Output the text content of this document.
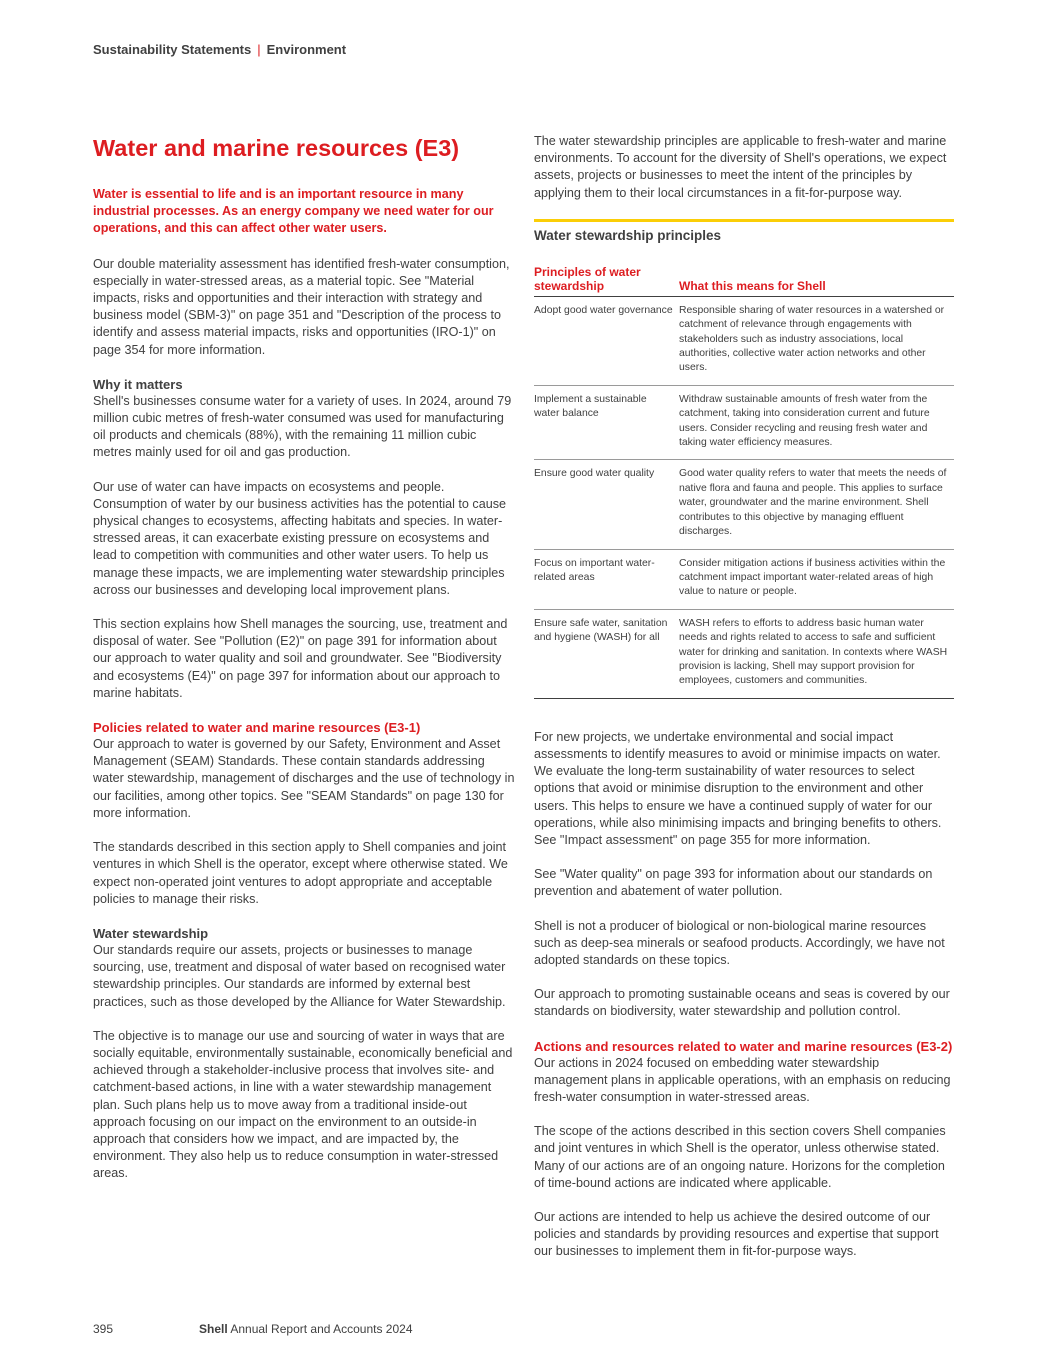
Sustainability Statements | Environment
Water and marine resources (E3)

Water is essential to life and is an important resource in many industrial processes. As an energy company we need water for our operations, and this can affect other water users.

Our double materiality assessment has identified fresh-water consumption, especially in water-stressed areas, as a material topic. See "Material impacts, risks and opportunities and their interaction with strategy and business model (SBM-3)" on page 351 and "Description of the process to identify and assess material impacts, risks and opportunities (IRO-1)" on page 354 for more information.

Why it matters

Shell's businesses consume water for a variety of uses. In 2024, around 79 million cubic metres of fresh-water consumed was used for manufacturing oil products and chemicals (88%), with the remaining 11 million cubic metres mainly used for oil and gas production.

Our use of water can have impacts on ecosystems and people. Consumption of water by our business activities has the potential to cause physical changes to ecosystems, affecting habitats and species. In water-stressed areas, it can exacerbate existing pressure on ecosystems and lead to competition with communities and other water users. To help us manage these impacts, we are implementing water stewardship principles across our businesses and developing local improvement plans.

This section explains how Shell manages the sourcing, use, treatment and disposal of water. See "Pollution (E2)" on page 391 for information about our approach to water quality and soil and groundwater. See "Biodiversity and ecosystems (E4)" on page 397 for information about our approach to marine habitats.

Policies related to water and marine resources (E3-1)

Our approach to water is governed by our Safety, Environment and Asset Management (SEAM) Standards. These contain standards addressing water stewardship, management of discharges and the use of technology in our facilities, among other topics. See "SEAM Standards" on page 130 for more information.

The standards described in this section apply to Shell companies and joint ventures in which Shell is the operator, except where otherwise stated. We expect non-operated joint ventures to adopt appropriate and acceptable policies to manage their risks.

Water stewardship

Our standards require our assets, projects or businesses to manage sourcing, use, treatment and disposal of water based on recognised water stewardship principles. Our standards are informed by external best practices, such as those developed by the Alliance for Water Stewardship.

The objective is to manage our use and sourcing of water in ways that are socially equitable, environmentally sustainable, economically beneficial and achieved through a stakeholder-inclusive process that involves site- and catchment-based actions, in line with a water stewardship management plan. Such plans help us to move away from a traditional inside-out approach focusing on our impact on the environment to an outside-in approach that considers how we impact, and are impacted by, the environment. They also help us to reduce consumption in water-stressed areas.

The water stewardship principles are applicable to fresh-water and marine environments. To account for the diversity of Shell's operations, we expect assets, projects or businesses to meet the intent of the principles by applying them to their local circumstances in a fit-for-purpose way.

Water stewardship principles
Principles of water stewardship	What this means for Shell
Adopt good water governance	Responsible sharing of water resources in a watershed or catchment of relevance through engagements with stakeholders such as industry associations, local authorities, collective water action networks and other users.
Implement a sustainable water balance	Withdraw sustainable amounts of fresh water from the catchment, taking into consideration current and future users. Consider recycling and reusing fresh water and taking water efficiency measures.
Ensure good water quality	Good water quality refers to water that meets the needs of native flora and fauna and people. This applies to surface water, groundwater and the marine environment. Shell contributes to this objective by managing effluent discharges.
Focus on important water-related areas	Consider mitigation actions if business activities within the catchment impact important water-related areas of high value to nature or people.
Ensure safe water, sanitation and hygiene (WASH) for all	WASH refers to efforts to address basic human water needs and rights related to access to safe and sufficient water for drinking and sanitation. In contexts where WASH provision is lacking, Shell may support provision for employees, customers and communities.

For new projects, we undertake environmental and social impact assessments to identify measures to avoid or minimise impacts on water. We evaluate the long-term sustainability of water resources to select options that avoid or minimise disruption to the environment and other users. This helps to ensure we have a continued supply of water for our operations, while also minimising impacts and bringing benefits to others. See "Impact assessment" on page 355 for more information.

See "Water quality" on page 393 for information about our standards on prevention and abatement of water pollution.

Shell is not a producer of biological or non-biological marine resources such as deep-sea minerals or seafood products. Accordingly, we have not adopted standards on these topics.

Our approach to promoting sustainable oceans and seas is covered by our standards on biodiversity, water stewardship and pollution control.

Actions and resources related to water and marine resources (E3-2)

Our actions in 2024 focused on embedding water stewardship management plans in applicable operations, with an emphasis on reducing fresh-water consumption in water-stressed areas.

The scope of the actions described in this section covers Shell companies and joint ventures in which Shell is the operator, unless otherwise stated. Many of our actions are of an ongoing nature. Horizons for the completion of time-bound actions are indicated where applicable.

Our actions are intended to help us achieve the desired outcome of our policies and standards by providing resources and expertise that support our businesses to implement them in fit-for-purpose ways.

395	Shell Annual Report and Accounts 2024
